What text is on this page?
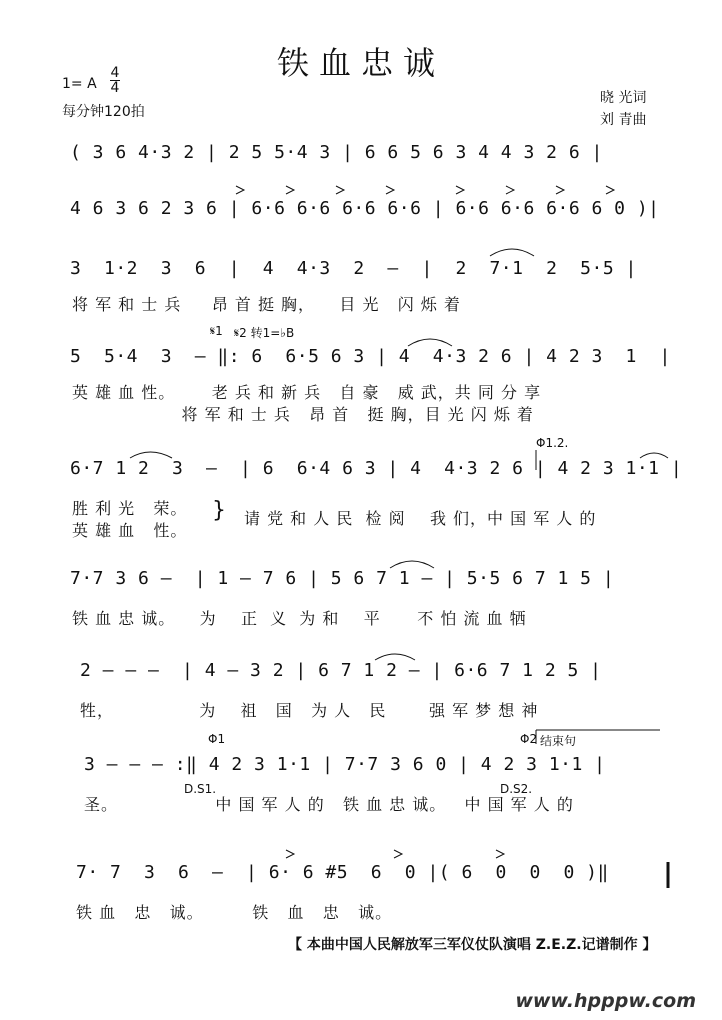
铁血忠诚
1= A
4
4
每分钟120拍
晓 光词
刘 青曲
( 3 6 4·3 2 | 2 5 5·4 3 | 6 6 5 6 3 4 4 3 2 6 |
4 6 3 6 2 3 6 | 6·6 6·6 6·6 6·6 | 6·6 6·6 6·6 6 0 )|
3  1·2  3  6  |  4  4·3  2  —  |  2  7·1  2  5·5 |
将 军 和 士 兵     昂 首 挺 胸，    目 光   闪 烁 着
𝄋1 𝄋2 转1=♭B
5  5·4  3  — ‖: 6  6·5 6 3 | 4  4·3 2 6 | 4 2 3  1  |
英 雄 血 性。      老 兵 和 新 兵   自 豪   威 武，共 同 分 享
将 军 和 士 兵   昂 首   挺 胸，目 光 闪 烁 着
Φ1.2.
6·7 1 2  3  —  | 6  6·4 6 3 | 4  4·3 2 6 | 4 2 3 1·1 |
胜 利 光   荣。
英 雄 血   性。
} 请 党 和 人 民  检 阅    我 们，中 国 军 人 的
7·7 3 6 —  | 1 — 7 6 | 5 6 7 1 — | 5·5 6 7 1 5 |
铁 血 忠 诚。    为    正  义  为 和    平      不 怕 流 血 牺
2 — — —  | 4 — 3 2 | 6 7 1 2 — | 6·6 7 1 2 5 |
牲，              为    祖   国   为 人   民       强 军 梦 想 神
Φ1	Φ2 结束句
D.S1.	D.S2.
3 — — — :‖ 4 2 3 1·1 | 7·7 3 6 0 | 4 2 3 1·1 |
圣。                中 国 军 人 的   铁 血 忠 诚。   中 国 军 人 的
7· 7  3  6  —  | 6· 6 #5  6  0 |( 6  0  0  0 )‖
铁 血   忠   诚。        铁   血   忠   诚。
【 本曲中国人民解放军三军仪仗队演唱 Z.E.Z.记谱制作 】
www.hpppw.com
